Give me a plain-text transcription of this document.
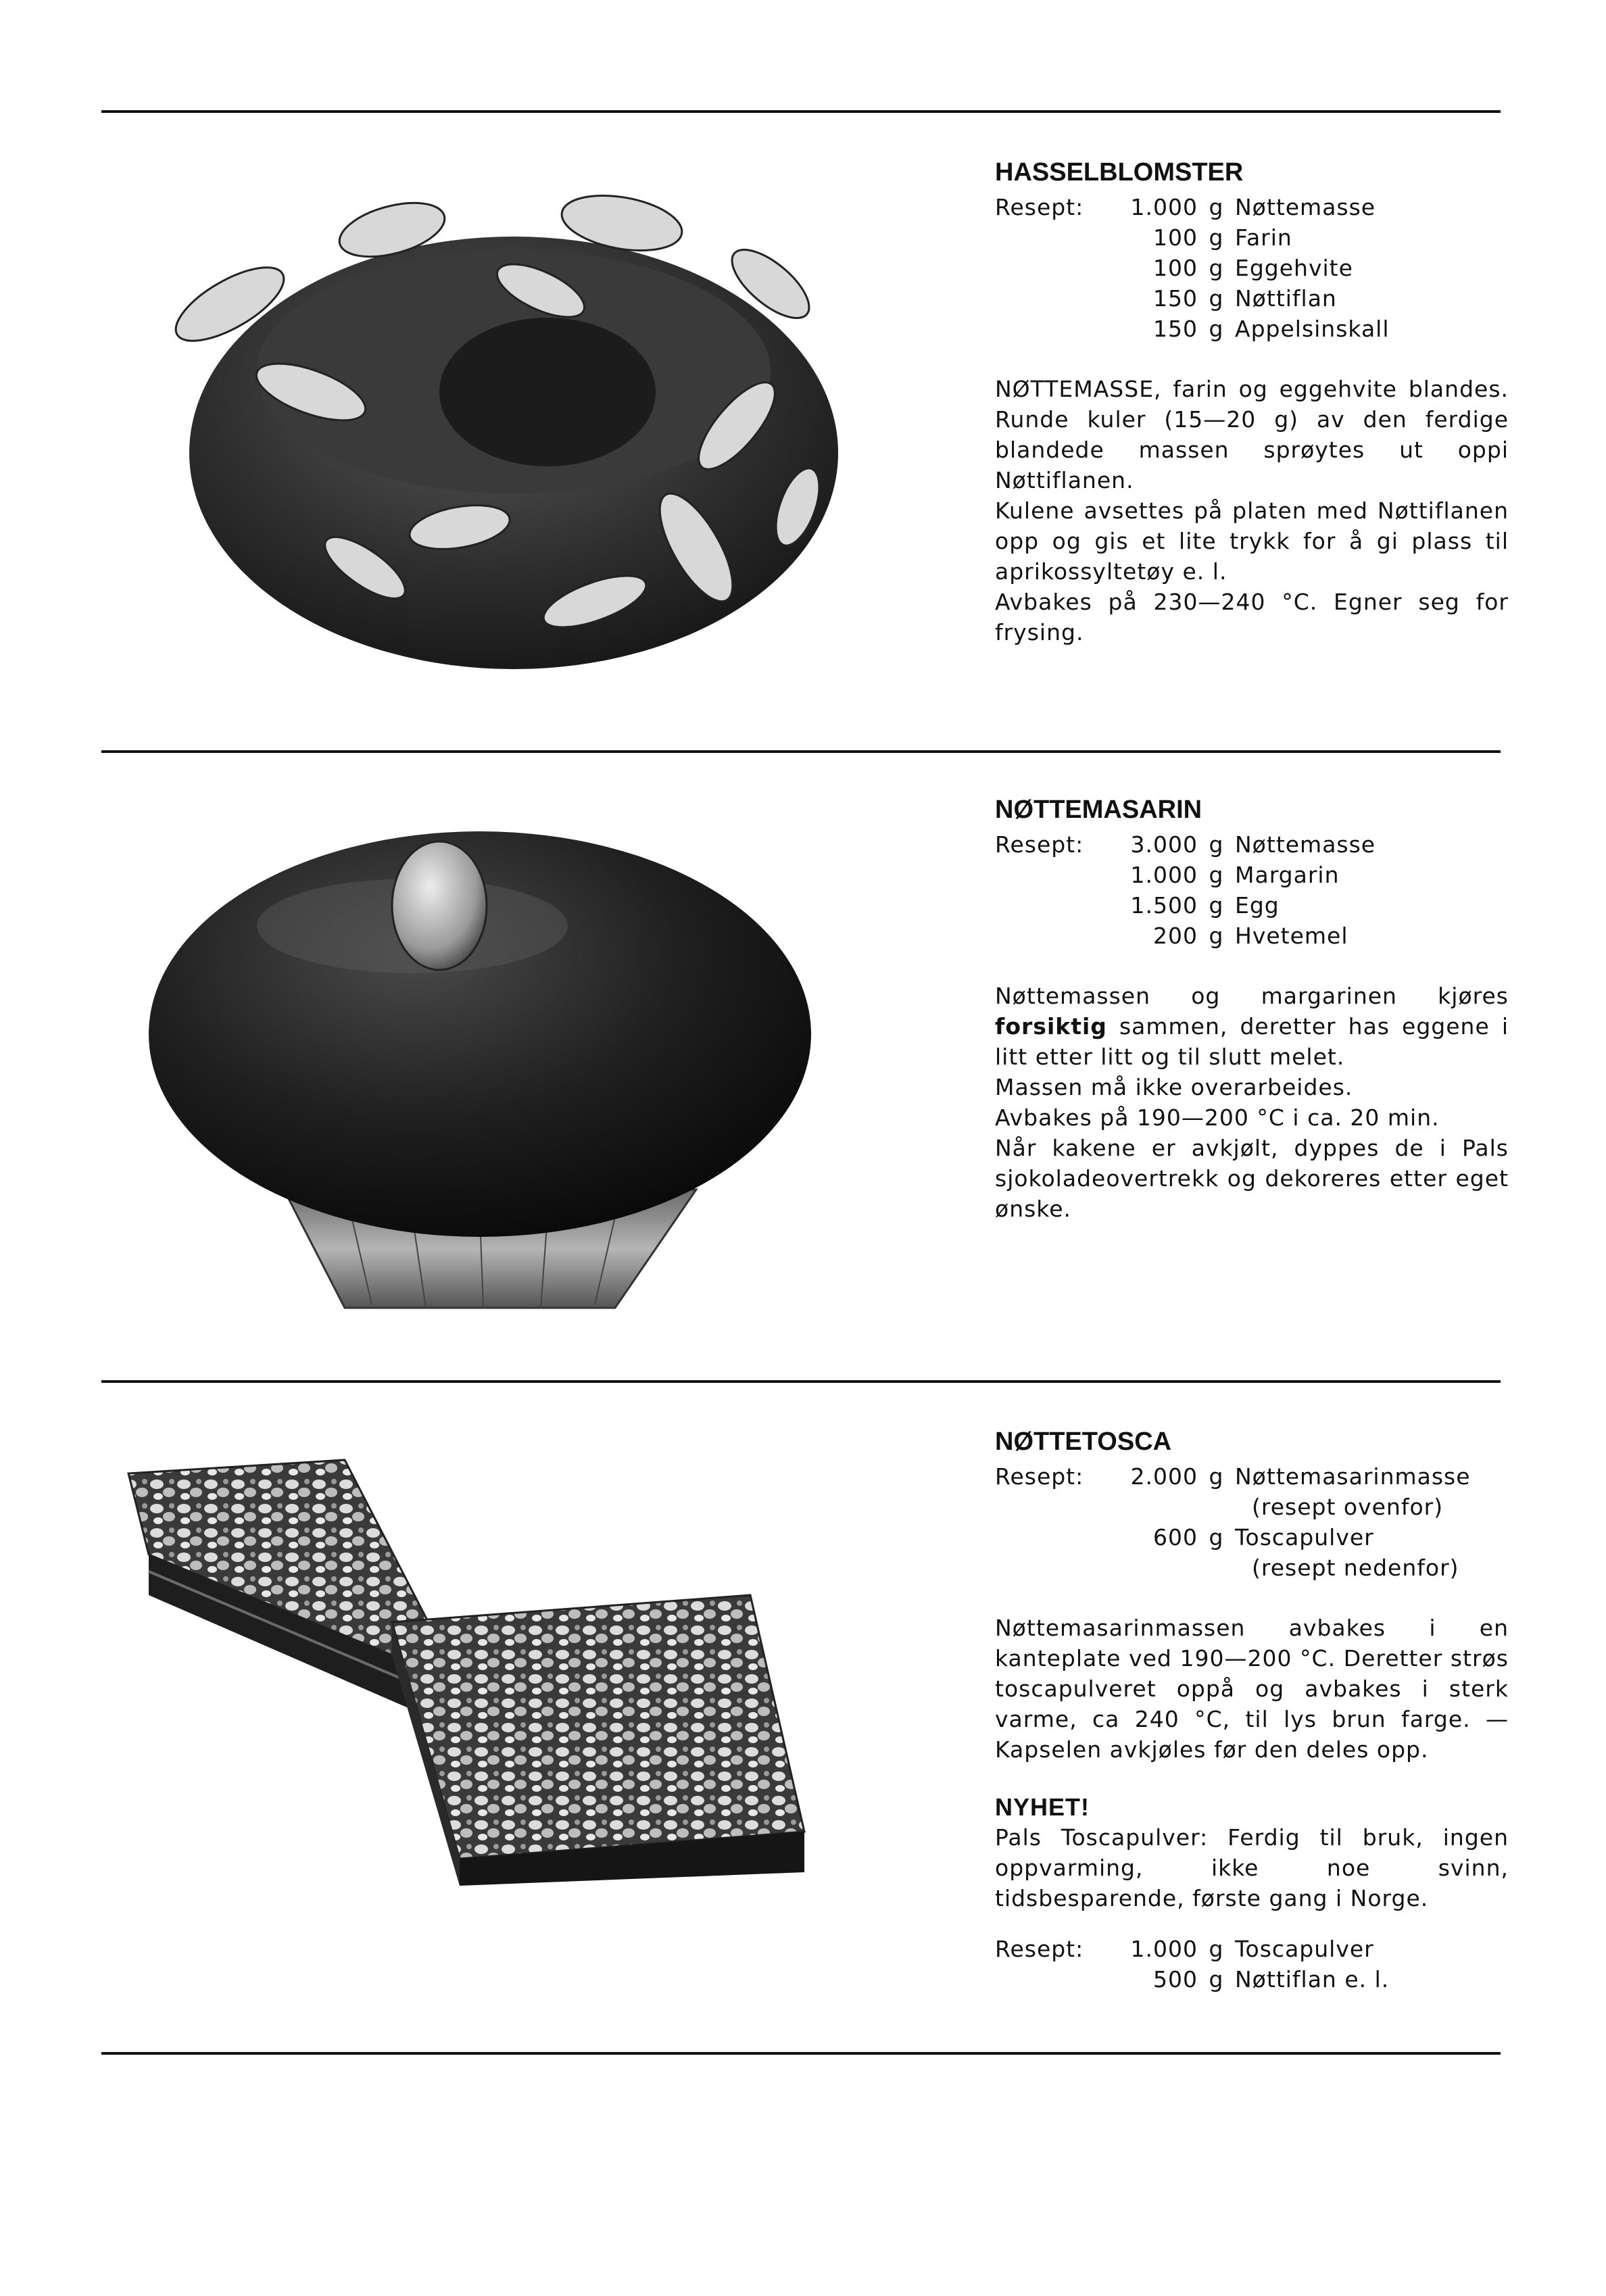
HASSELBLOMSTER
Resept:	1.000 g Nøttemasse
100 g Farin
100 g Eggehvite
150 g Nøttiflan
150 g Appelsinskall

NØTTEMASSE, farin og eggehvite blandes. Runde kuler (15—20 g) av den ferdige blandede massen sprøytes ut oppi Nøttiflanen.

Kulene avsettes på platen med Nøttiflanen opp og gis et lite trykk for å gi plass til aprikossyltetøy e. l.

Avbakes på 230—240 °C. Egner seg for frysing.

NØTTEMASARIN
Resept:	3.000 g Nøttemasse
1.000 g Margarin
1.500 g Egg
200 g Hvetemel

Nøttemassen og margarinen kjøres forsiktig sammen, deretter has eggene i litt etter litt og til slutt melet.

Massen må ikke overarbeides.

Avbakes på 190—200 °C i ca. 20 min.

Når kakene er avkjølt, dyppes de i Pals sjokoladeovertrekk og dekoreres etter eget ønske.

NØTTETOSCA
Resept:	2.000 g Nøttemasarinmasse
(resept ovenfor)
600 g Toscapulver
(resept nedenfor)

Nøttemasarinmassen avbakes i en kanteplate ved 190—200 °C. Deretter strøs toscapulveret oppå og avbakes i sterk varme, ca 240 °C, til lys brun farge. — Kapselen avkjøles før den deles opp.

NYHET!

Pals Toscapulver: Ferdig til bruk, ingen oppvarming, ikke noe svinn, tidsbesparende, første gang i Norge.

Resept:	1.000 g Toscapulver
500 g Nøttiflan e. l.
